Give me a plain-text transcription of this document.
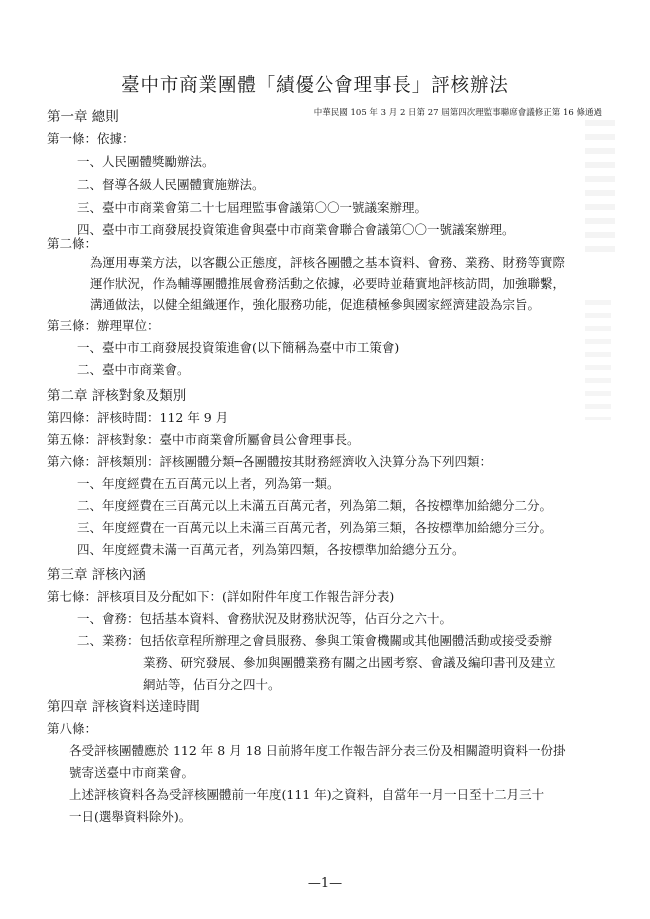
臺中市商業團體「績優公會理事長」評核辦法
中華民國 105 年 3 月 2 日第 27 屆第四次理監事聯席會議修正第 16 條通過
第一章 總則
第一條：依據：
一、人民團體獎勵辦法。
二、督導各級人民團體實施辦法。
三、臺中市商業會第二十七屆理監事會議第〇〇一號議案辦理。
四、臺中市工商發展投資策進會與臺中市商業會聯合會議第〇〇一號議案辦理。
第二條：
為運用專業方法，以客觀公正態度，評核各團體之基本資料、會務、業務、財務等實際
運作狀況，作為輔導團體推展會務活動之依據，必要時並藉實地評核訪問，加強聯繫，
溝通做法，以健全組織運作，強化服務功能，促進積極參與國家經濟建設為宗旨。
第三條：辦理單位：
一、臺中市工商發展投資策進會(以下簡稱為臺中市工策會)
二、臺中市商業會。
第二章 評核對象及類別
第四條：評核時間：112 年 9 月
第五條：評核對象：臺中市商業會所屬會員公會理事長。
第六條：評核類別：評核團體分類─各團體按其財務經濟收入決算分為下列四類：
一、年度經費在五百萬元以上者，列為第一類。
二、年度經費在三百萬元以上未滿五百萬元者，列為第二類，各按標準加給總分二分。
三、年度經費在一百萬元以上未滿三百萬元者，列為第三類，各按標準加給總分三分。
四、年度經費未滿一百萬元者，列為第四類，各按標準加給總分五分。
第三章 評核內涵
第七條：評核項目及分配如下：(詳如附件年度工作報告評分表)
一、會務：包括基本資料、會務狀況及財務狀況等，佔百分之六十。
二、業務：包括依章程所辦理之會員服務、參與工策會機關或其他團體活動或接受委辦
業務、研究發展、參加與團體業務有關之出國考察、會議及編印書刊及建立
網站等，佔百分之四十。
第四章 評核資料送達時間
第八條：
各受評核團體應於 112 年 8 月 18 日前將年度工作報告評分表三份及相關證明資料一份掛
號寄送臺中市商業會。
上述評核資料各為受評核團體前一年度(111 年)之資料，自當年一月一日至十二月三十
一日(選舉資料除外)。
—1—
